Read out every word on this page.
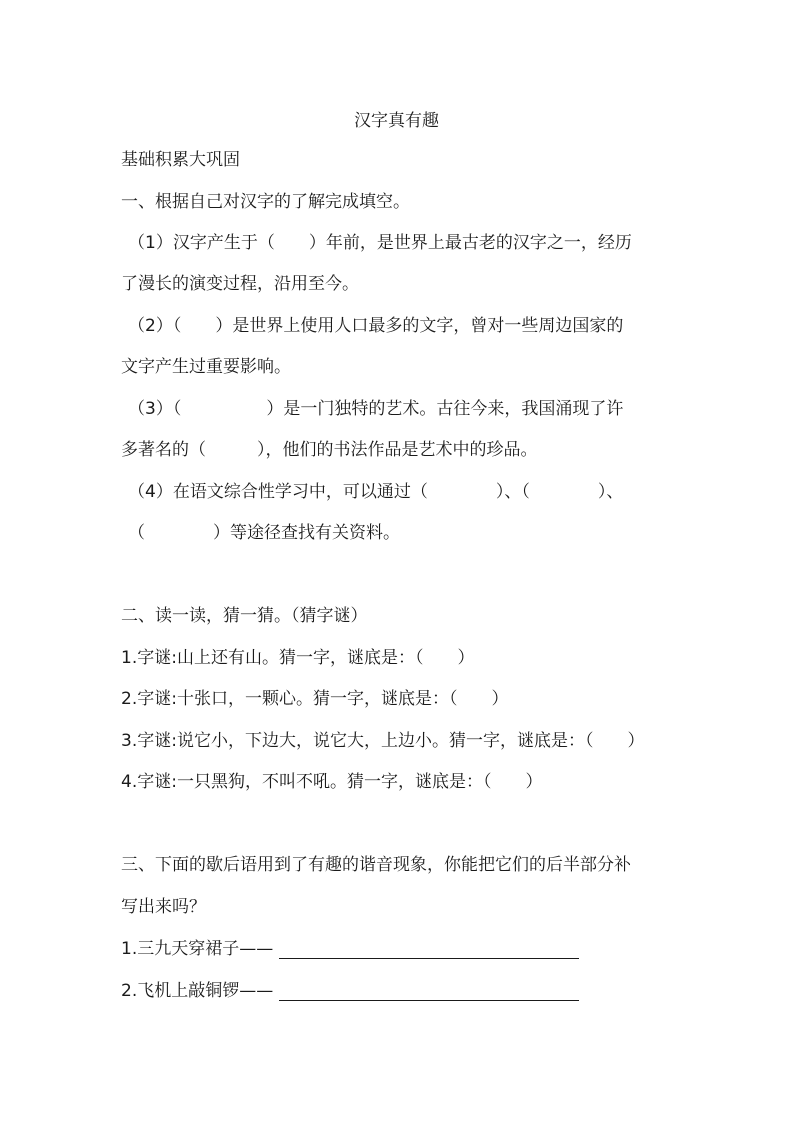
汉字真有趣
基础积累大巩固
一、根据自己对汉字的了解完成填空。
（1）汉字产生于（　　）年前，是世界上最古老的汉字之一，经历
了漫长的演变过程，沿用至今。
（2）（　　）是世界上使用人口最多的文字，曾对一些周边国家的
文字产生过重要影响。
（3）（　　　　　）是一门独特的艺术。古往今来，我国涌现了许
多著名的（　　　），他们的书法作品是艺术中的珍品。
（4）在语文综合性学习中，可以通过（　　　　）、（　　　　）、
（　　　　）等途径查找有关资料。
二、读一读，猜一猜。（猜字谜）
1.字谜:山上还有山。猜一字，谜底是：（　　）
2.字谜:十张口，一颗心。猜一字，谜底是：（　　）
3.字谜:说它小，下边大，说它大，上边小。猜一字，谜底是：（　　）
4.字谜:一只黑狗，不叫不吼。猜一字，谜底是：（　　）
三、下面的歇后语用到了有趣的谐音现象，你能把它们的后半部分补
写出来吗？
1.三九天穿裙子——
2.飞机上敲铜锣——
